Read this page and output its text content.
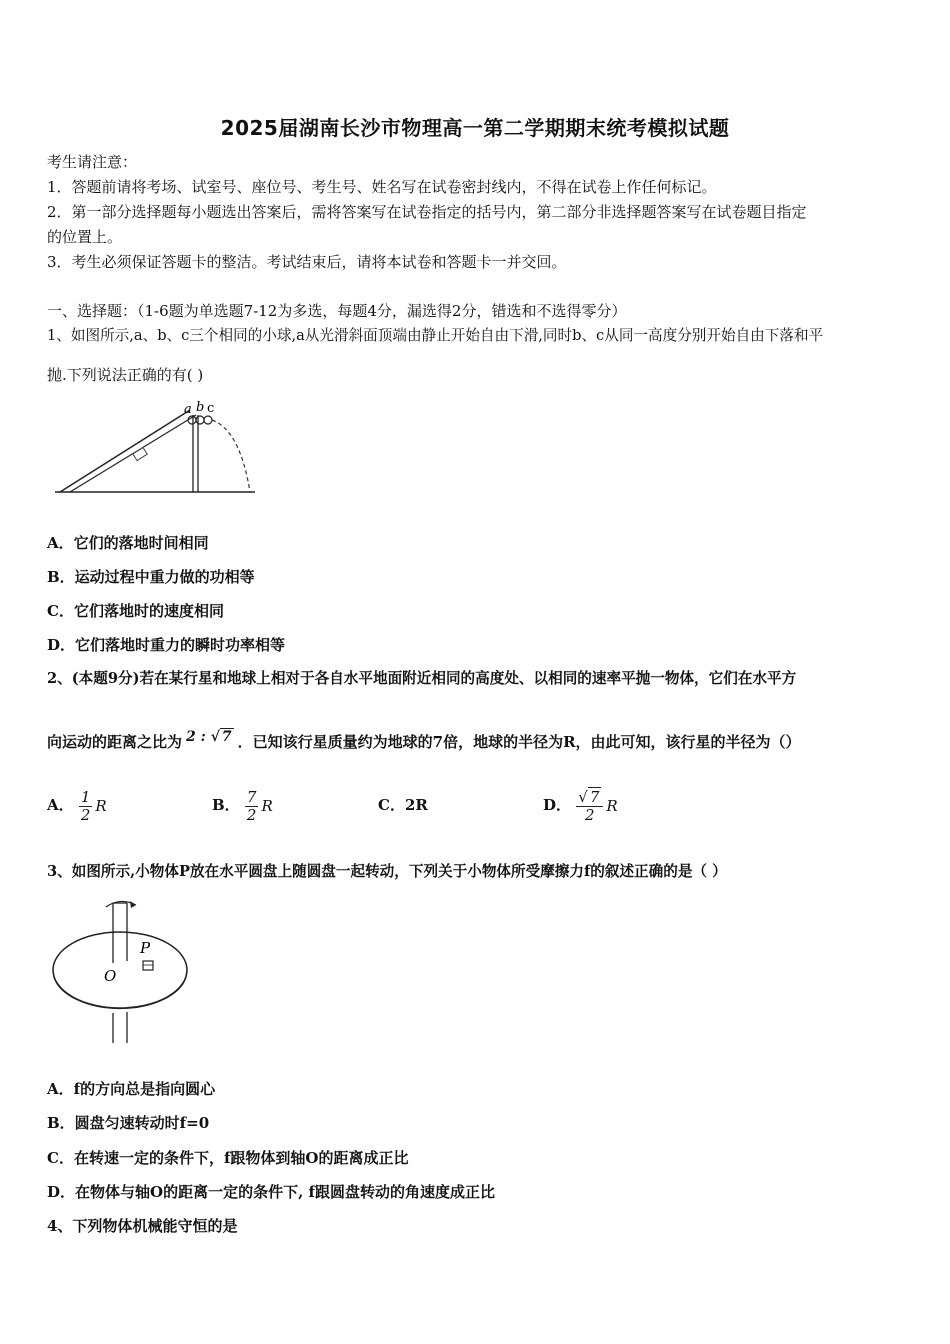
2025届湖南长沙市物理高一第二学期期末统考模拟试题
考生请注意：
1．答题前请将考场、试室号、座位号、考生号、姓名写在试卷密封线内，不得在试卷上作任何标记。
2．第一部分选择题每小题选出答案后，需将答案写在试卷指定的括号内，第二部分非选择题答案写在试卷题目指定
的位置上。
3．考生必须保证答题卡的整洁。考试结束后，请将本试卷和答题卡一并交回。
一、选择题：（1-6题为单选题7-12为多选，每题4分，漏选得2分，错选和不选得零分）
1、如图所示,a、b、c三个相同的小球,a从光滑斜面顶端由静止开始自由下滑,同时b、c从同一高度分别开始自由下落和平
抛.下列说法正确的有( )
a b c
A．它们的落地时间相同
B．运动过程中重力做的功相等
C．它们落地时的速度相同
D．它们落地时重力的瞬时功率相等
2、(本题9分)若在某行星和地球上相对于各自水平地面附近相同的高度处、以相同的速率平抛一物体，它们在水平方
向运动的距离之比为 2 : √ 7 ．已知该行星质量约为地球的7倍，地球的半径为R，由此可知，该行星的半径为（）
A． $\frac{1}{2}$ R	B． $\frac{7}{2}$ R	C．2R	D． $\frac{√ 7}{2}$ R
3、如图所示,小物体P放在水平圆盘上随圆盘一起转动，下列关于小物体所受摩擦力f的叙述正确的是（ ）
P
O
A．f的方向总是指向圆心
B．圆盘匀速转动时f=0
C．在转速一定的条件下，f跟物体到轴O的距离成正比
D．在物体与轴O的距离一定的条件下, f跟圆盘转动的角速度成正比
4、下列物体机械能守恒的是
